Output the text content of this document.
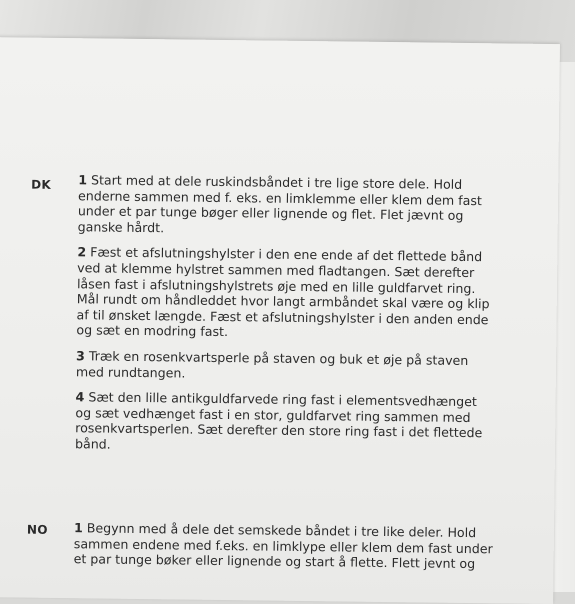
DK 1 Start med at dele ruskindsbåndet i tre lige store dele. Hold enderne sammen med f. eks. en limklemme eller klem dem fast under et par tunge bøger eller lignende og flet. Flet jævnt og ganske hårdt.

2 Fæst et afslutningshylster i den ene ende af det flettede bånd ved at klemme hylstret sammen med fladtangen. Sæt derefter låsen fast i afslutningshylstrets øje med en lille guldfarvet ring. Mål rundt om håndleddet hvor langt armbåndet skal være og klip af til ønsket længde. Fæst et afslutningshylster i den anden ende og sæt en modring fast.

3 Træk en rosenkvartsperle på staven og buk et øje på staven med rundtangen.

4 Sæt den lille antikguldfarvede ring fast i elementsvedhænget og sæt vedhænget fast i en stor, guldfarvet ring sammen med rosenkvartsperlen. Sæt derefter den store ring fast i det flettede bånd.

NO 1 Begynn med å dele det semskede båndet i tre like deler. Hold sammen endene med f.eks. en limklype eller klem dem fast under et par tunge bøker eller lignende og start å flette. Flett jevnt og
